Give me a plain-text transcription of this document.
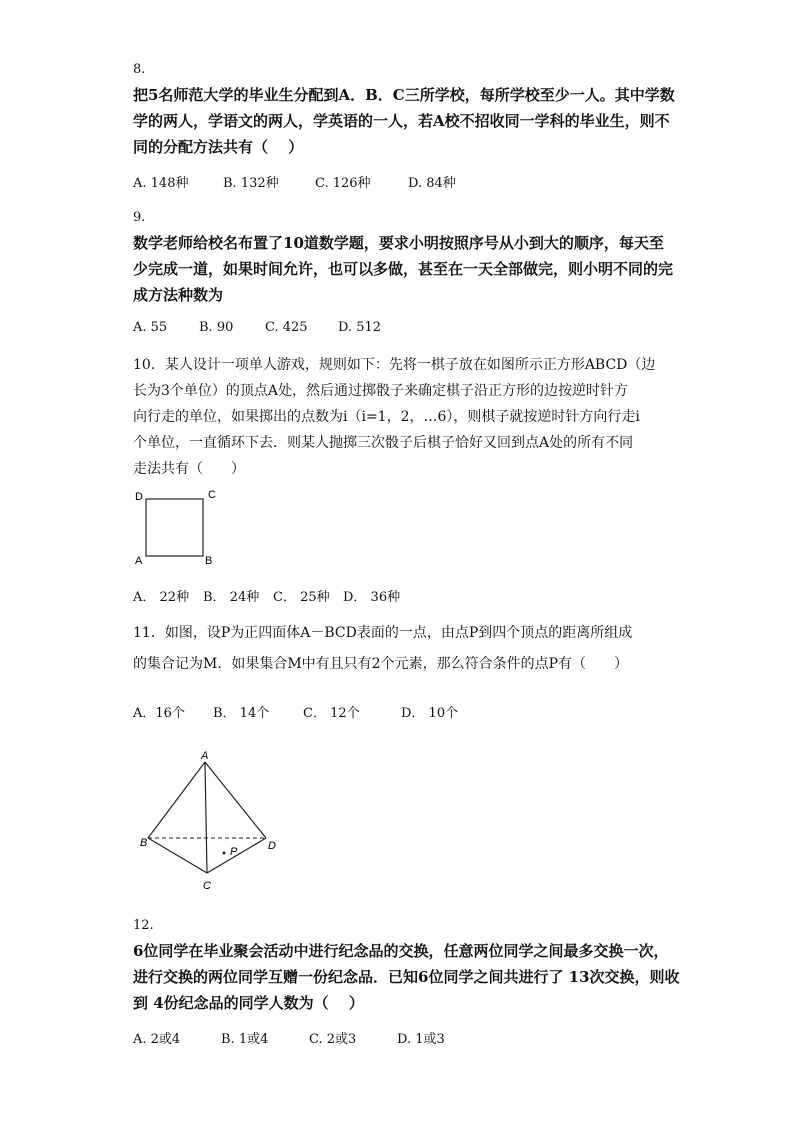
8.
把5名师范大学的毕业生分配到A．B．C三所学校，每所学校至少一人。其中学数
学的两人，学语文的两人，学英语的一人，若A校不招收同一学科的毕业生，则不
同的分配方法共有（　 ）
A. 148种	B. 132种	C. 126种	D. 84种
9.
数学老师给校名布置了10道数学题，要求小明按照序号从小到大的顺序，每天至
少完成一道，如果时间允许，也可以多做，甚至在一天全部做完，则小明不同的完
成方法种数为
A. 55 B. 90 C. 425 D. 512
10．某人设计一项单人游戏，规则如下：先将一棋子放在如图所示正方形ABCD（边
长为3个单位）的顶点A处，然后通过掷骰子来确定棋子沿正方形的边按逆时针方
向行走的单位，如果掷出的点数为i（i=1，2，…6），则棋子就按逆时针方向行走i
个单位，一直循环下去．则某人抛掷三次骰子后棋子恰好又回到点A处的所有不同
走法共有（　　）
D	C
A	B
A． 22种 B． 24种 C． 25种 D． 36种
11．如图，设P为正四面体A－BCD表面的一点，由点P到四个顶点的距离所组成
的集合记为M．如果集合M中有且只有2个元素，那么符合条件的点P有（　　）
A．16个 B． 14个	C． 12个	D． 10个
A
B	D
C
P
12.
6位同学在毕业聚会活动中进行纪念品的交换，任意两位同学之间最多交换一次，
进行交换的两位同学互赠一份纪念品．已知6位同学之间共进行了 13次交换，则收
到 4份纪念品的同学人数为（　 ）
A. 2或4	B. 1或4	C. 2或3	D. 1或3
